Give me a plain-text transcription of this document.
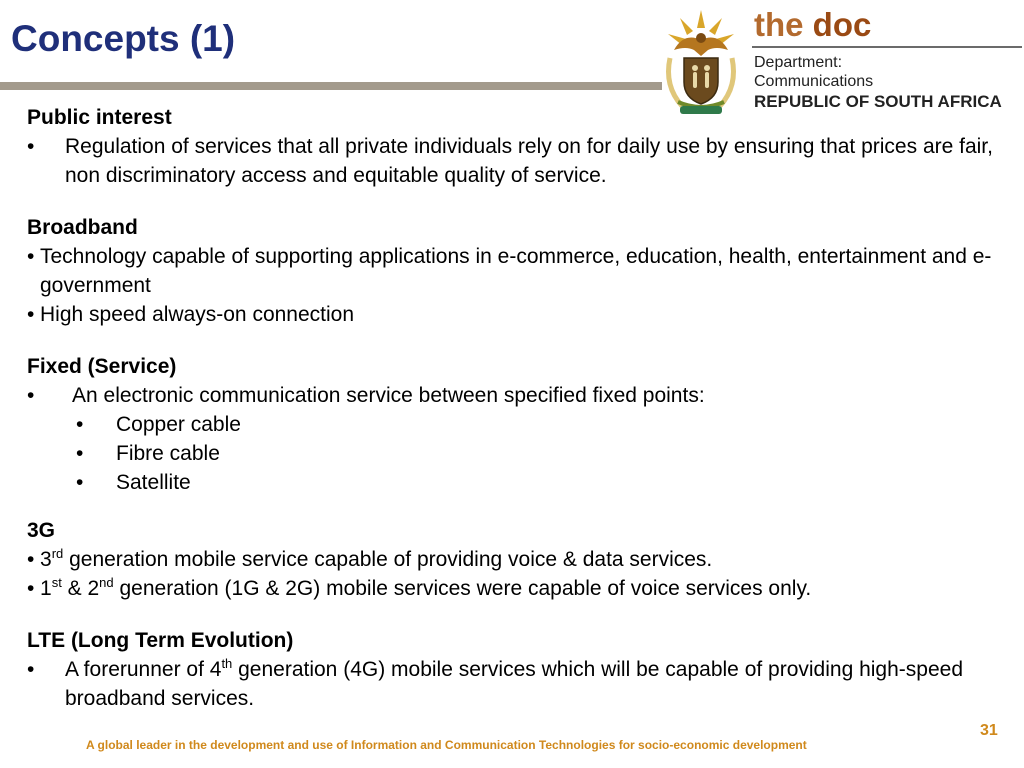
Concepts (1)	the doc
Department:
Communications
REPUBLIC OF SOUTH AFRICA
Public interest
• Regulation of services that all private individuals rely on for daily use by ensuring that prices are fair, non discriminatory access and equitable quality of service.
Broadband
• Technology capable of supporting applications in e-commerce, education, health, entertainment and e-government
• High speed always-on connection
Fixed (Service)
• An electronic communication service between specified fixed points:
• Copper cable
• Fibre cable
• Satellite
3G
• 3rd generation mobile service capable of providing voice & data services.
• 1st & 2nd generation (1G & 2G) mobile services were capable of voice services only.
LTE (Long Term Evolution)
• A forerunner of 4th generation (4G) mobile services which will be capable of providing high-speed broadband services.
31
A global leader in the development and use of Information and Communication Technologies for socio-economic development
